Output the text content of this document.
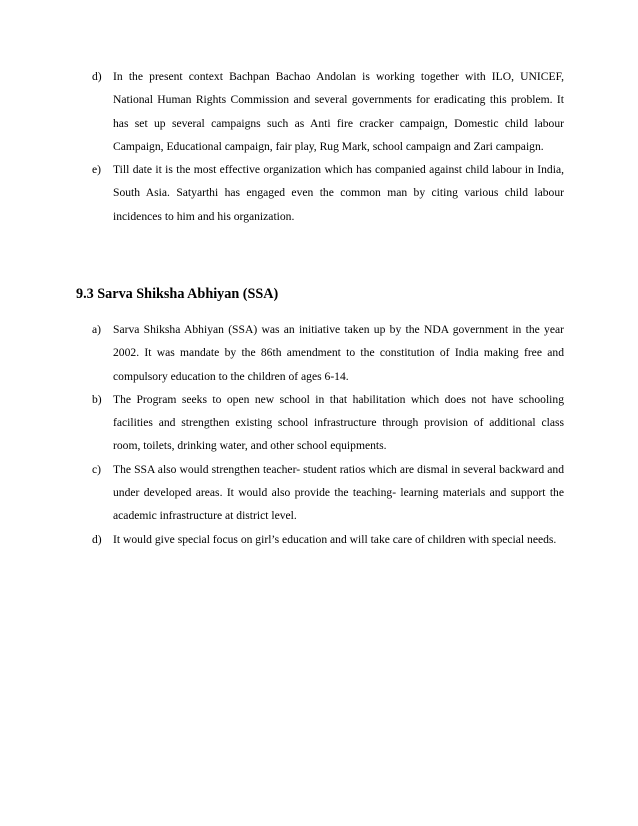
d) In the present context Bachpan Bachao Andolan is working together with ILO, UNICEF, National Human Rights Commission and several governments for eradicating this problem. It has set up several campaigns such as Anti fire cracker campaign, Domestic child labour Campaign, Educational campaign, fair play, Rug Mark, school campaign and Zari campaign.
e) Till date it is the most effective organization which has companied against child labour in India, South Asia. Satyarthi has engaged even the common man by citing various child labour incidences to him and his organization.
9.3 Sarva Shiksha Abhiyan (SSA)
a) Sarva Shiksha Abhiyan (SSA) was an initiative taken up by the NDA government in the year 2002. It was mandate by the 86th amendment to the constitution of India making free and compulsory education to the children of ages 6-14.
b) The Program seeks to open new school in that habilitation which does not have schooling facilities and strengthen existing school infrastructure through provision of additional class room, toilets, drinking water, and other school equipments.
c) The SSA also would strengthen teacher- student ratios which are dismal in several backward and under developed areas. It would also provide the teaching- learning materials and support the academic infrastructure at district level.
d) It would give special focus on girl’s education and will take care of children with special needs.
